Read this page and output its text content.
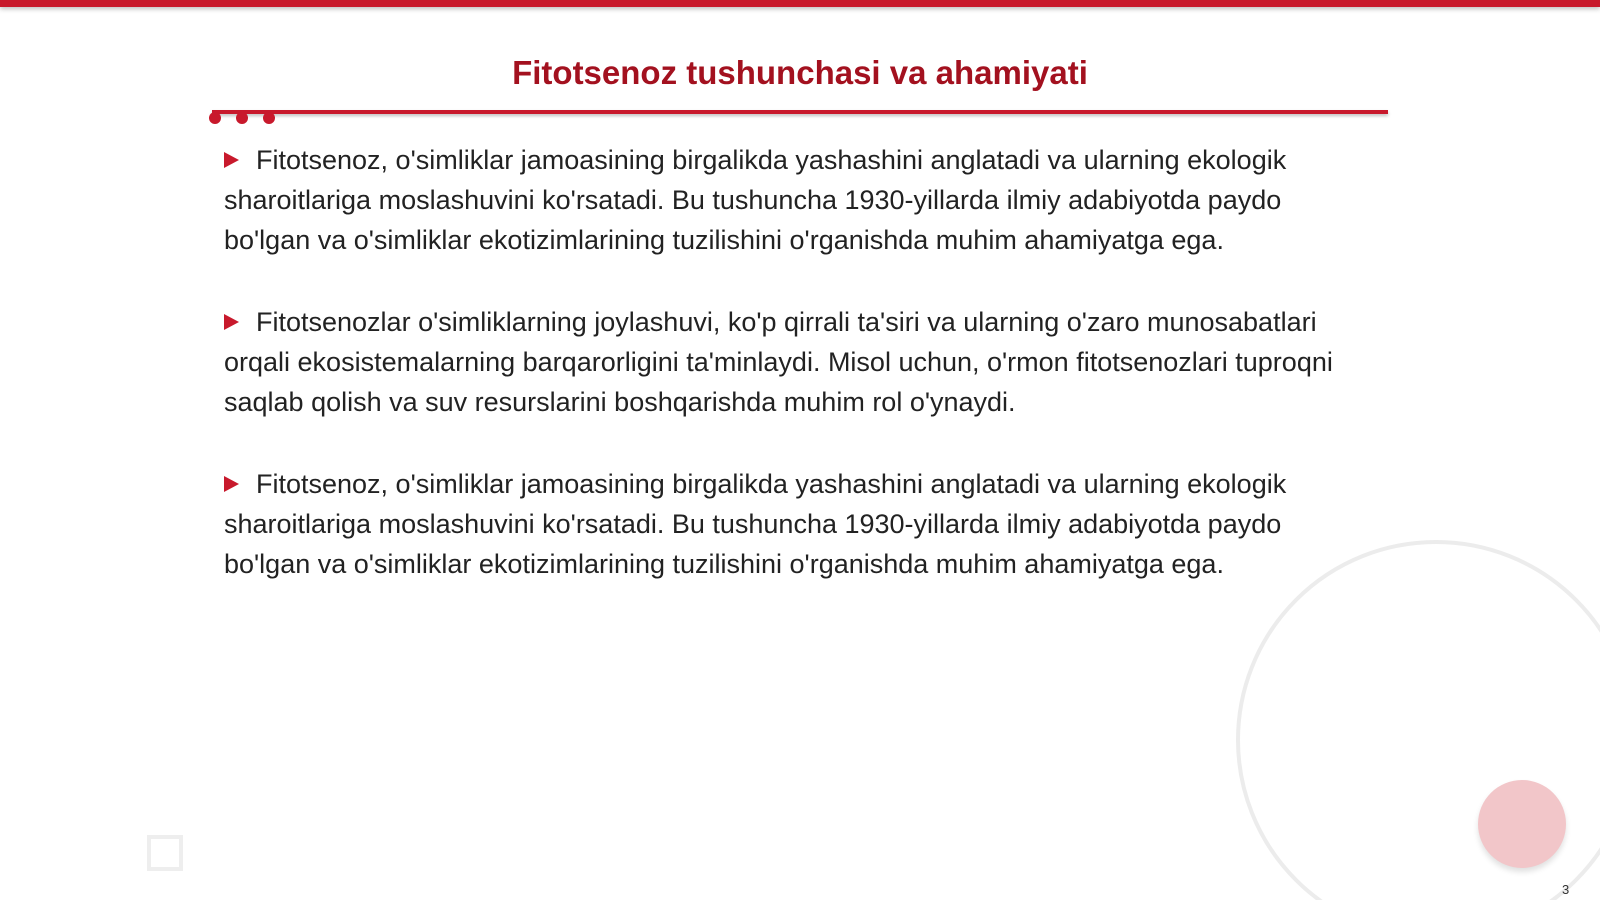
Fitotsenoz tushunchasi va ahamiyati

Fitotsenoz, o'simliklar jamoasining birgalikda yashashini anglatadi va ularning ekologik sharoitlariga moslashuvini ko'rsatadi. Bu tushuncha 1930-yillarda ilmiy adabiyotda paydo bo'lgan va o'simliklar ekotizimlarining tuzilishini o'rganishda muhim ahamiyatga ega.

Fitotsenozlar o'simliklarning joylashuvi, ko'p qirrali ta'siri va ularning o'zaro munosabatlari orqali ekosistemalarning barqarorligini ta'minlaydi. Misol uchun, o'rmon fitotsenozlari tuproqni saqlab qolish va suv resurslarini boshqarishda muhim rol o'ynaydi.

Fitotsenoz, o'simliklar jamoasining birgalikda yashashini anglatadi va ularning ekologik sharoitlariga moslashuvini ko'rsatadi. Bu tushuncha 1930-yillarda ilmiy adabiyotda paydo bo'lgan va o'simliklar ekotizimlarining tuzilishini o'rganishda muhim ahamiyatga ega.

3
